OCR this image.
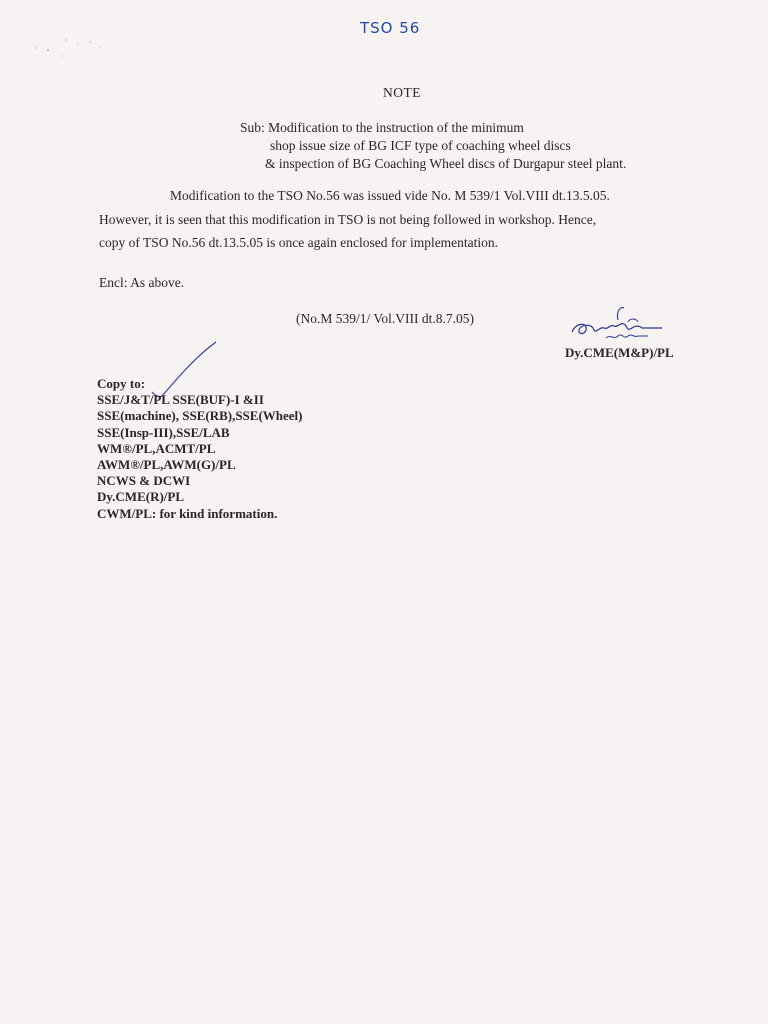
TSO 56
NOTE
Sub: Modification to the instruction of the minimum
shop issue size of BG ICF type of coaching wheel discs
& inspection of BG Coaching Wheel discs of Durgapur steel plant.
Modification to the TSO No.56 was issued vide No. M 539/1 Vol.VIII dt.13.5.05.
However, it is seen that this modification in TSO is not being followed in workshop. Hence,
copy of TSO No.56 dt.13.5.05 is once again enclosed for implementation.
Encl: As above.
(No.M 539/1/ Vol.VIII dt.8.7.05)
Dy.CME(M&P)/PL
Copy to:
SSE/J&T/PL SSE(BUF)-I &II
SSE(machine), SSE(RB),SSE(Wheel)
SSE(Insp-III),SSE/LAB
WM®/PL,ACMT/PL
AWM®/PL,AWM(G)/PL
NCWS & DCWI
Dy.CME(R)/PL
CWM/PL: for kind information.
